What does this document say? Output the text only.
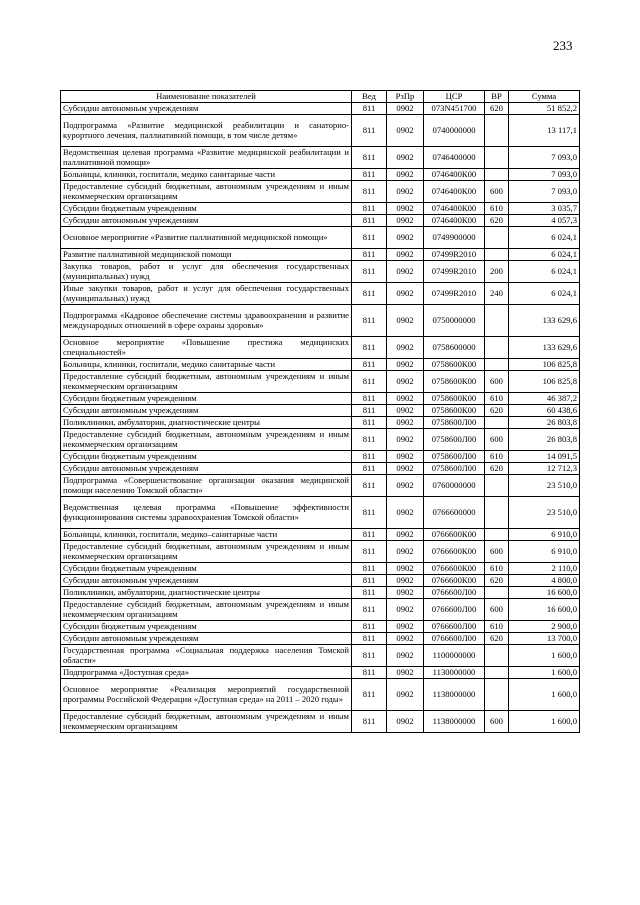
233
Наименование показателей	Вед	РзПр	ЦСР	ВР	Сумма
Субсидии автономным учреждениям	811	0902	073N451700	620	51 852,2
Подпрограмма «Развитие медицинской реабилитации и санаторно-курортного лечения, паллиативной помощи, в том числе детям»	811	0902	0740000000		13 117,1
Ведомственная целевая программа «Развитие медицинской реабилитации и паллиативной помощи»	811	0902	0746400000		7 093,0
Больницы, клиники, госпитали, медико санитарные части	811	0902	0746400К00		7 093,0
Предоставление субсидий бюджетным, автономным учреждениям и иным некоммерческим организациям	811	0902	0746400К00	600	7 093,0
Субсидии бюджетным учреждениям	811	0902	0746400К00	610	3 035,7
Субсидии автономным учреждениям	811	0902	0746400К00	620	4 057,3
Основное мероприятие «Развитие паллиативной медицинской помощи»	811	0902	0749900000		6 024,1
Развитие паллиативной медицинской помощи	811	0902	07499R2010		6 024,1
Закупка товаров, работ и услуг для обеспечения государственных (муниципальных) нужд	811	0902	07499R2010	200	6 024,1
Иные закупки товаров, работ и услуг для обеспечения государственных (муниципальных) нужд	811	0902	07499R2010	240	6 024,1
Подпрограмма «Кадровое обеспечение системы здравоохранения и развитие международных отношений в сфере охраны здоровья»	811	0902	0750000000		133 629,6
Основное мероприятие «Повышение престижа медицинских специальностей»	811	0902	0758600000		133 629,6
Больницы, клиники, госпитали, медико санитарные части	811	0902	0758600К00		106 825,8
Предоставление субсидий бюджетным, автономным учреждениям и иным некоммерческим организациям	811	0902	0758600К00	600	106 825,8
Субсидии бюджетным учреждениям	811	0902	0758600К00	610	46 387,2
Субсидии автономным учреждениям	811	0902	0758600К00	620	60 438,6
Поликлиники, амбулатории, диагностические центры	811	0902	0758600Л00		26 803,8
Предоставление субсидий бюджетным, автономным учреждениям и иным некоммерческим организациям	811	0902	0758600Л00	600	26 803,8
Субсидии бюджетным учреждениям	811	0902	0758600Л00	610	14 091,5
Субсидии автономным учреждениям	811	0902	0758600Л00	620	12 712,3
Подпрограмма «Совершенствование организации оказания медицинской помощи населению Томской области»	811	0902	0760000000		23 510,0
Ведомственная целевая программа «Повышение эффективности функционирования системы здравоохранения Томской области»	811	0902	0766600000		23 510,0
Больницы, клиники, госпитали, медико–санитарные части	811	0902	0766600К00		6 910,0
Предоставление субсидий бюджетным, автономным учреждениям и иным некоммерческим организациям	811	0902	0766600К00	600	6 910,0
Субсидии бюджетным учреждениям	811	0902	0766600К00	610	2 110,0
Субсидии автономным учреждениям	811	0902	0766600К00	620	4 800,0
Поликлиники, амбулатории, диагностические центры	811	0902	0766600Л00		16 600,0
Предоставление субсидий бюджетным, автономным учреждениям и иным некоммерческим организациям	811	0902	0766600Л00	600	16 600,0
Субсидии бюджетным учреждениям	811	0902	0766600Л00	610	2 900,0
Субсидии автономным учреждениям	811	0902	0766600Л00	620	13 700,0
Государственная программа «Социальная поддержка населения Томской области»	811	0902	1100000000		1 600,0
Подпрограмма «Доступная среда»	811	0902	1130000000		1 600,0
Основное мероприятие «Реализация мероприятий государственной программы Российской Федерации «Доступная среда» на 2011 – 2020 годы»	811	0902	1138000000		1 600,0
Предоставление субсидий бюджетным, автономным учреждениям и иным некоммерческим организациям	811	0902	1138000000	600	1 600,0
